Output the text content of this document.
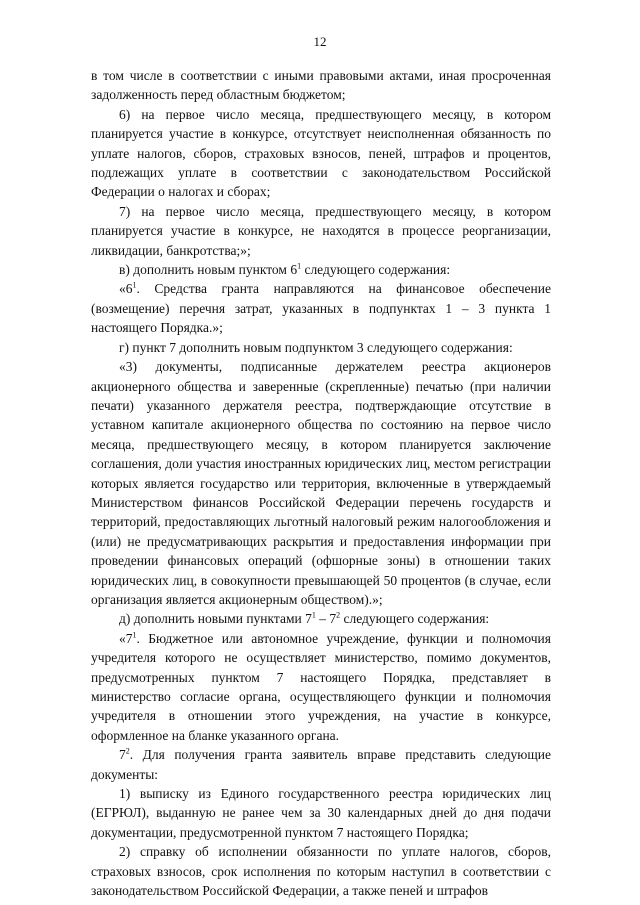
12

в том числе в соответствии с иными правовыми актами, иная просроченная задолженность перед областным бюджетом;

6) на первое число месяца, предшествующего месяцу, в котором планируется участие в конкурсе, отсутствует неисполненная обязанность по уплате налогов, сборов, страховых взносов, пеней, штрафов и процентов, подлежащих уплате в соответствии с законодательством Российской Федерации о налогах и сборах;

7) на первое число месяца, предшествующего месяцу, в котором планируется участие в конкурсе, не находятся в процессе реорганизации, ликвидации, банкротства;»;

в) дополнить новым пунктом $6^1$ следующего содержания:

«$6^1$. Средства гранта направляются на финансовое обеспечение (возмещение) перечня затрат, указанных в подпунктах 1 – 3 пункта 1 настоящего Порядка.»;

г) пункт 7 дополнить новым подпунктом 3 следующего содержания:

«3) документы, подписанные держателем реестра акционеров акционерного общества и заверенные (скрепленные) печатью (при наличии печати) указанного держателя реестра, подтверждающие отсутствие в уставном капитале акционерного общества по состоянию на первое число месяца, предшествующего месяцу, в котором планируется заключение соглашения, доли участия иностранных юридических лиц, местом регистрации которых является государство или территория, включенные в утверждаемый Министерством финансов Российской Федерации перечень государств и территорий, предоставляющих льготный налоговый режим налогообложения и (или) не предусматривающих раскрытия и предоставления информации при проведении финансовых операций (офшорные зоны) в отношении таких юридических лиц, в совокупности превышающей 50 процентов (в случае, если организация является акционерным обществом).»;

д) дополнить новыми пунктами $7^1 - 7^2$ следующего содержания:

«$7^1$. Бюджетное или автономное учреждение, функции и полномочия учредителя которого не осуществляет министерство, помимо документов, предусмотренных пунктом 7 настоящего Порядка, представляет в министерство согласие органа, осуществляющего функции и полномочия учредителя в отношении этого учреждения, на участие в конкурсе, оформленное на бланке указанного органа.

$7^2$. Для получения гранта заявитель вправе представить следующие документы:

1) выписку из Единого государственного реестра юридических лиц (ЕГРЮЛ), выданную не ранее чем за 30 календарных дней до дня подачи документации, предусмотренной пунктом 7 настоящего Порядка;

2) справку об исполнении обязанности по уплате налогов, сборов, страховых взносов, срок исполнения по которым наступил в соответствии с законодательством Российской Федерации, а также пеней и штрафов
